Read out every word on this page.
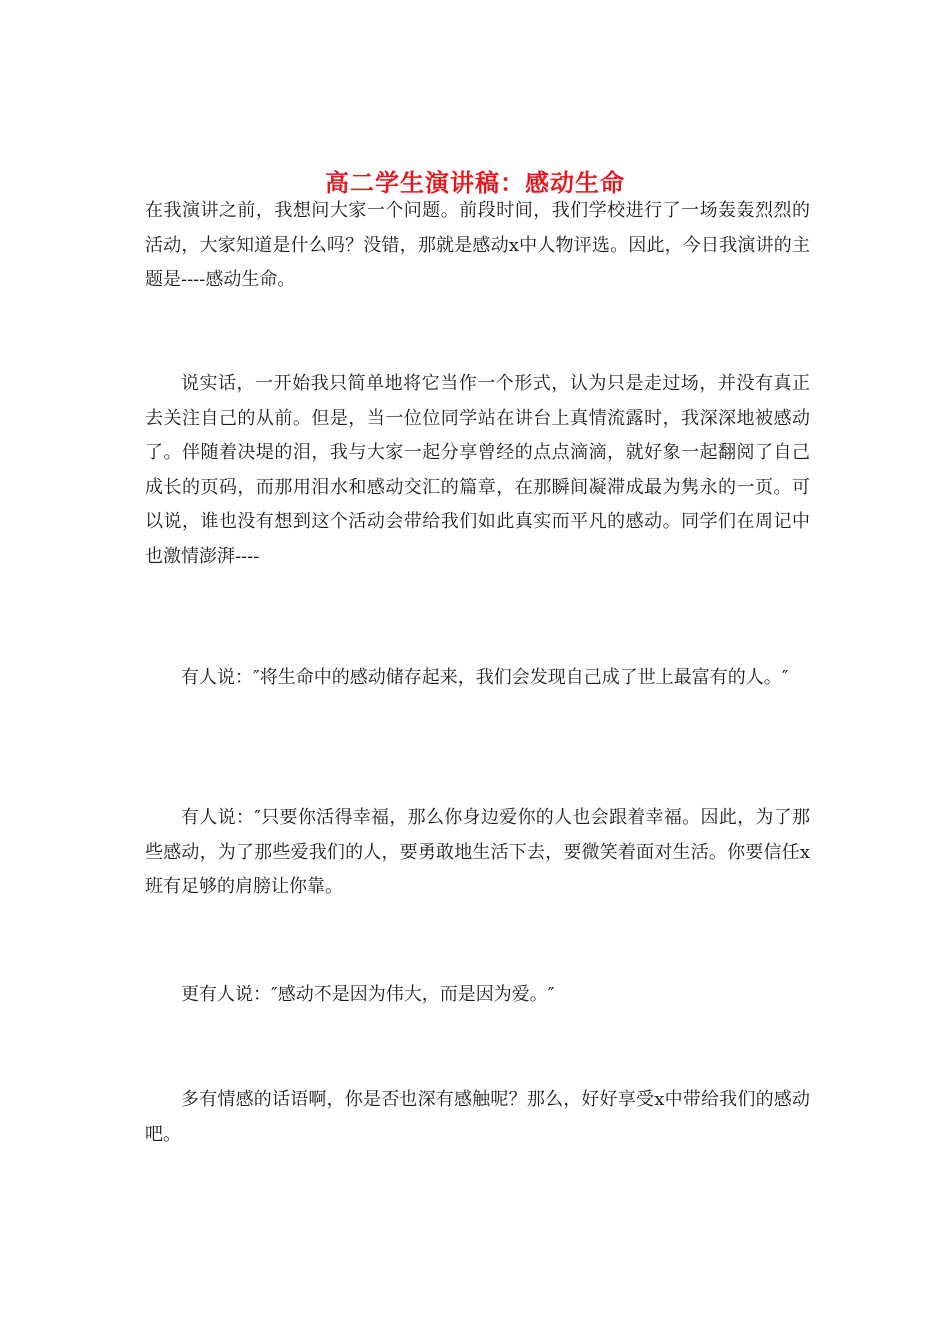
高二学生演讲稿：感动生命

在我演讲之前，我想问大家一个问题。前段时间，我们学校进行了一场轰轰烈烈的活动，大家知道是什么吗？没错，那就是感动x中人物评选。因此，今日我演讲的主题是----感动生命。

说实话，一开始我只简单地将它当作一个形式，认为只是走过场，并没有真正去关注自己的从前。但是，当一位位同学站在讲台上真情流露时，我深深地被感动了。伴随着决堤的泪，我与大家一起分享曾经的点点滴滴，就好象一起翻阅了自己成长的页码，而那用泪水和感动交汇的篇章，在那瞬间凝滞成最为隽永的一页。可以说，谁也没有想到这个活动会带给我们如此真实而平凡的感动。同学们在周记中也激情澎湃----

有人说：″将生命中的感动储存起来，我们会发现自己成了世上最富有的人。″

有人说：″只要你活得幸福，那么你身边爱你的人也会跟着幸福。因此，为了那些感动，为了那些爱我们的人，要勇敢地生活下去，要微笑着面对生活。你要信任x班有足够的肩膀让你靠。

更有人说：″感动不是因为伟大，而是因为爱。″

多有情感的话语啊，你是否也深有感触呢？那么，好好享受x中带给我们的感动吧。
